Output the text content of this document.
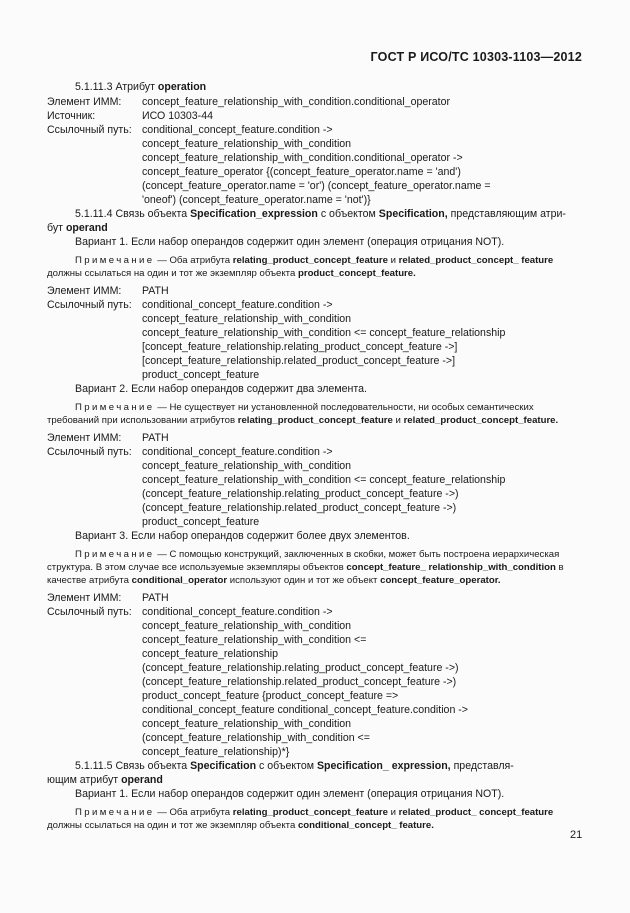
ГОСТ Р ИСО/ТС 10303-1103—2012
5.1.11.3 Атрибут operation
Элемент ИММ: concept_feature_relationship_with_condition.conditional_operator
Источник:	ИСО 10303-44
Ссылочный путь: conditional_concept_feature.condition ->
concept_feature_relationship_with_condition
concept_feature_relationship_with_condition.conditional_operator ->
concept_feature_operator {(concept_feature_operator.name = 'and')
(concept_feature_operator.name = 'or') (concept_feature_operator.name =
'oneof') (concept_feature_operator.name = 'not')}
5.1.11.4 Связь объекта Specification_expression с объектом Specification, представляющим атри-
бут operand
Вариант 1. Если набор операндов содержит один элемент (операция отрицания NOT).
Примечание — Оба атрибута relating_product_concept_feature и related_product_concept_ feature
должны ссылаться на один и тот же экземпляр объекта product_concept_feature.
Элемент ИММ: PATH
Ссылочный путь: conditional_concept_feature.condition ->
concept_feature_relationship_with_condition
concept_feature_relationship_with_condition <= concept_feature_relationship
[concept_feature_relationship.relating_product_concept_feature ->]
[concept_feature_relationship.related_product_concept_feature ->]
product_concept_feature
Вариант 2. Если набор операндов содержит два элемента.
Примечание — Не существует ни установленной последовательности, ни особых семантических
требований при использовании атрибутов relating_product_concept_feature и related_product_concept_feature.
Элемент ИММ: PATH
Ссылочный путь: conditional_concept_feature.condition ->
concept_feature_relationship_with_condition
concept_feature_relationship_with_condition <= concept_feature_relationship
(concept_feature_relationship.relating_product_concept_feature ->)
(concept_feature_relationship.related_product_concept_feature ->)
product_concept_feature
Вариант 3. Если набор операндов содержит более двух элементов.
Примечание — С помощью конструкций, заключенных в скобки, может быть построена иерархическая
структура. В этом случае все используемые экземпляры объектов concept_feature_ relationship_with_condition в
качестве атрибута conditional_operator используют один и тот же объект concept_feature_operator.
Элемент ИММ: PATH
Ссылочный путь: conditional_concept_feature.condition ->
concept_feature_relationship_with_condition
concept_feature_relationship_with_condition <=
concept_feature_relationship
(concept_feature_relationship.relating_product_concept_feature ->)
(concept_feature_relationship.related_product_concept_feature ->)
product_concept_feature {product_concept_feature =>
conditional_concept_feature conditional_concept_feature.condition ->
concept_feature_relationship_with_condition
(concept_feature_relationship_with_condition <=
concept_feature_relationship)*}
5.1.11.5 Связь объекта Specification с объектом Specification_ expression, представля-
ющим атрибут operand
Вариант 1. Если набор операндов содержит один элемент (операция отрицания NOT).
Примечание — Оба атрибута relating_product_concept_feature и related_product_ concept_feature
должны ссылаться на один и тот же экземпляр объекта conditional_concept_ feature.
21
